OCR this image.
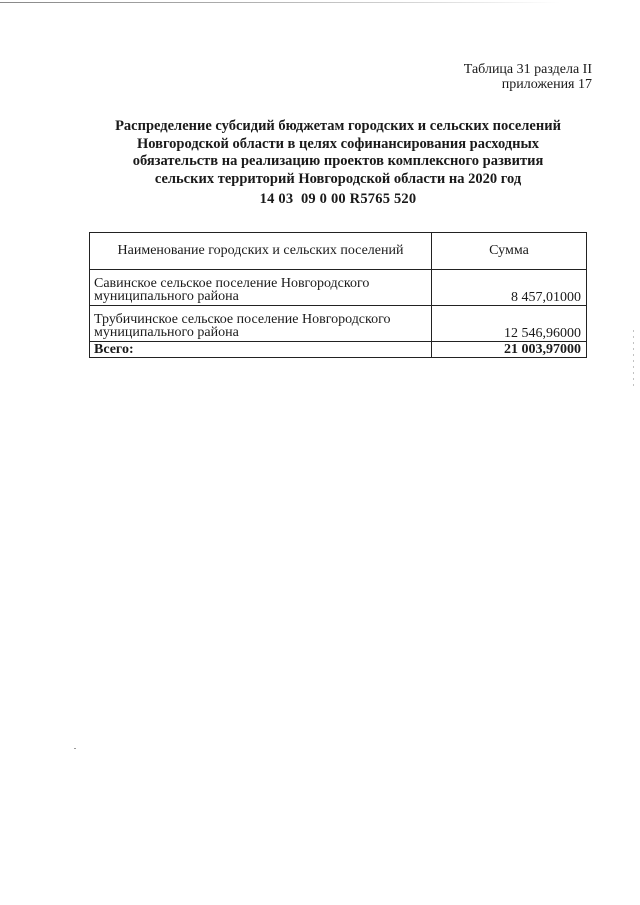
Таблица 31 раздела II
приложения 17
Распределение субсидий бюджетам городских и сельских поселений
Новгородской области в целях софинансирования расходных
обязательств на реализацию проектов комплексного развития
сельских территорий Новгородской области на 2020 год
14 03  09 0 00 R5765 520
Наименование городских и сельских поселений	Сумма

Савинское сельское поселение Новгородского
муниципального района	8 457,01000

Трубичинское сельское поселение Новгородского
муниципального района	12 546,96000
Всего:	21 003,97000
